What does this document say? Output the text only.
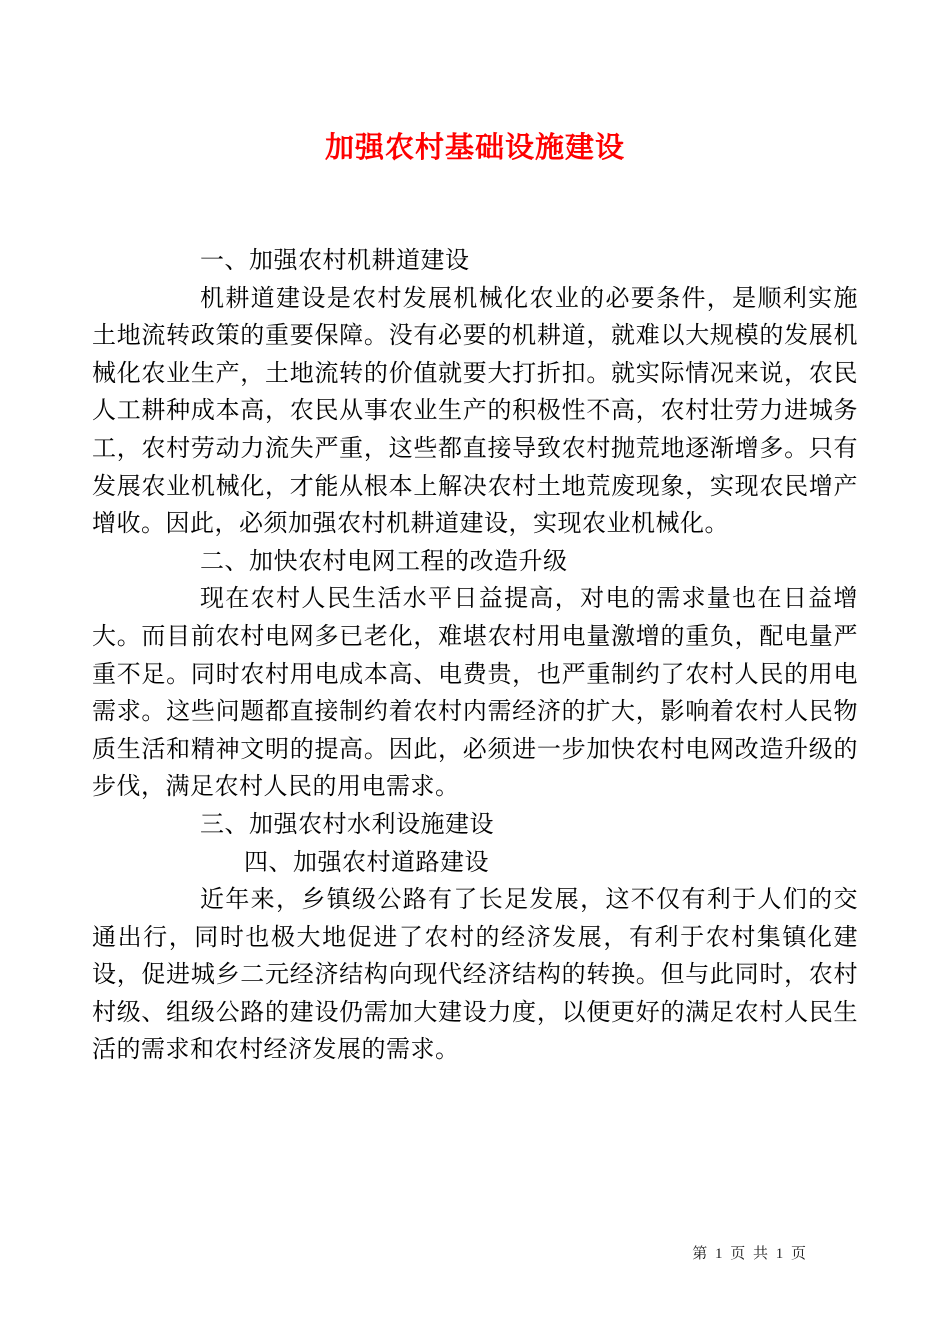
加强农村基础设施建设
一、加强农村机耕道建设
机耕道建设是农村发展机械化农业的必要条件，是顺利实施土地流转政策的重要保障。没有必要的机耕道，就难以大规模的发展机械化农业生产，土地流转的价值就要大打折扣。就实际情况来说，农民人工耕种成本高，农民从事农业生产的积极性不高，农村壮劳力进城务工，农村劳动力流失严重，这些都直接导致农村抛荒地逐渐增多。只有发展农业机械化，才能从根本上解决农村土地荒废现象，实现农民增产增收。因此，必须加强农村机耕道建设，实现农业机械化。
二、加快农村电网工程的改造升级
现在农村人民生活水平日益提高，对电的需求量也在日益增大。而目前农村电网多已老化，难堪农村用电量激增的重负，配电量严重不足。同时农村用电成本高、电费贵，也严重制约了农村人民的用电需求。这些问题都直接制约着农村内需经济的扩大，影响着农村人民物质生活和精神文明的提高。因此，必须进一步加快农村电网改造升级的步伐，满足农村人民的用电需求。
三、加强农村水利设施建设
四、加强农村道路建设
近年来，乡镇级公路有了长足发展，这不仅有利于人们的交通出行，同时也极大地促进了农村的经济发展，有利于农村集镇化建设，促进城乡二元经济结构向现代经济结构的转换。但与此同时，农村村级、组级公路的建设仍需加大建设力度，以便更好的满足农村人民生活的需求和农村经济发展的需求。
第 1 页 共 1 页
